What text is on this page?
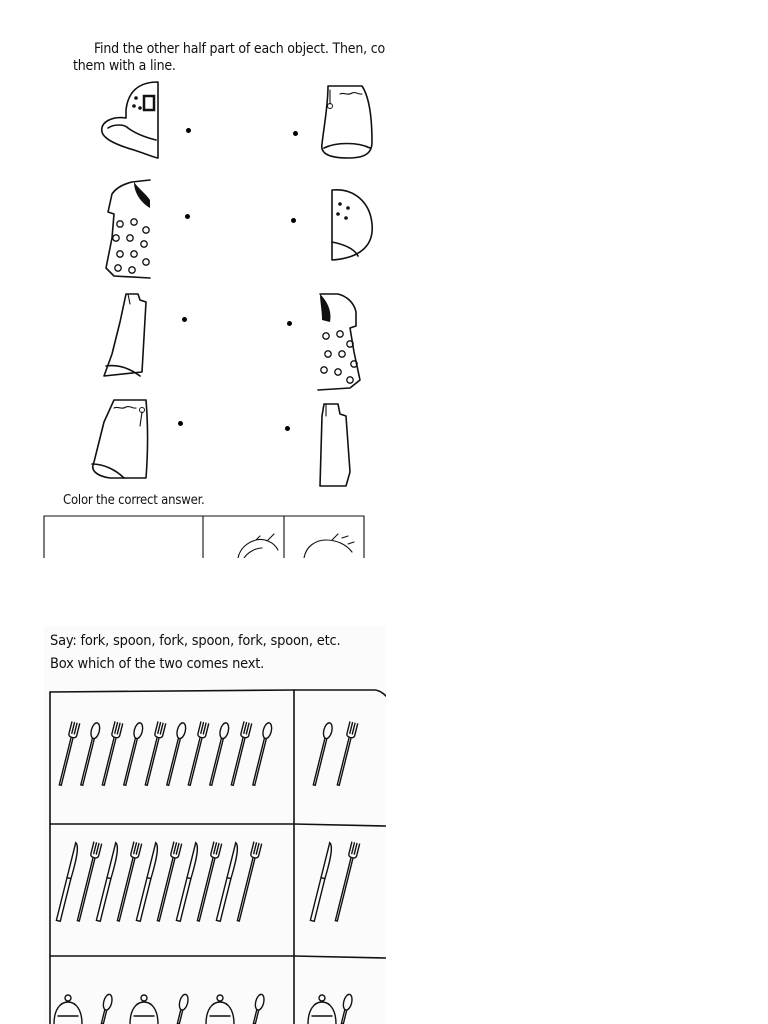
Find the other half part of each object. Then, co
them with a line.
Color the correct answer.
Say: fork, spoon, fork, spoon, fork, spoon, etc.
Box which of the two comes next.
